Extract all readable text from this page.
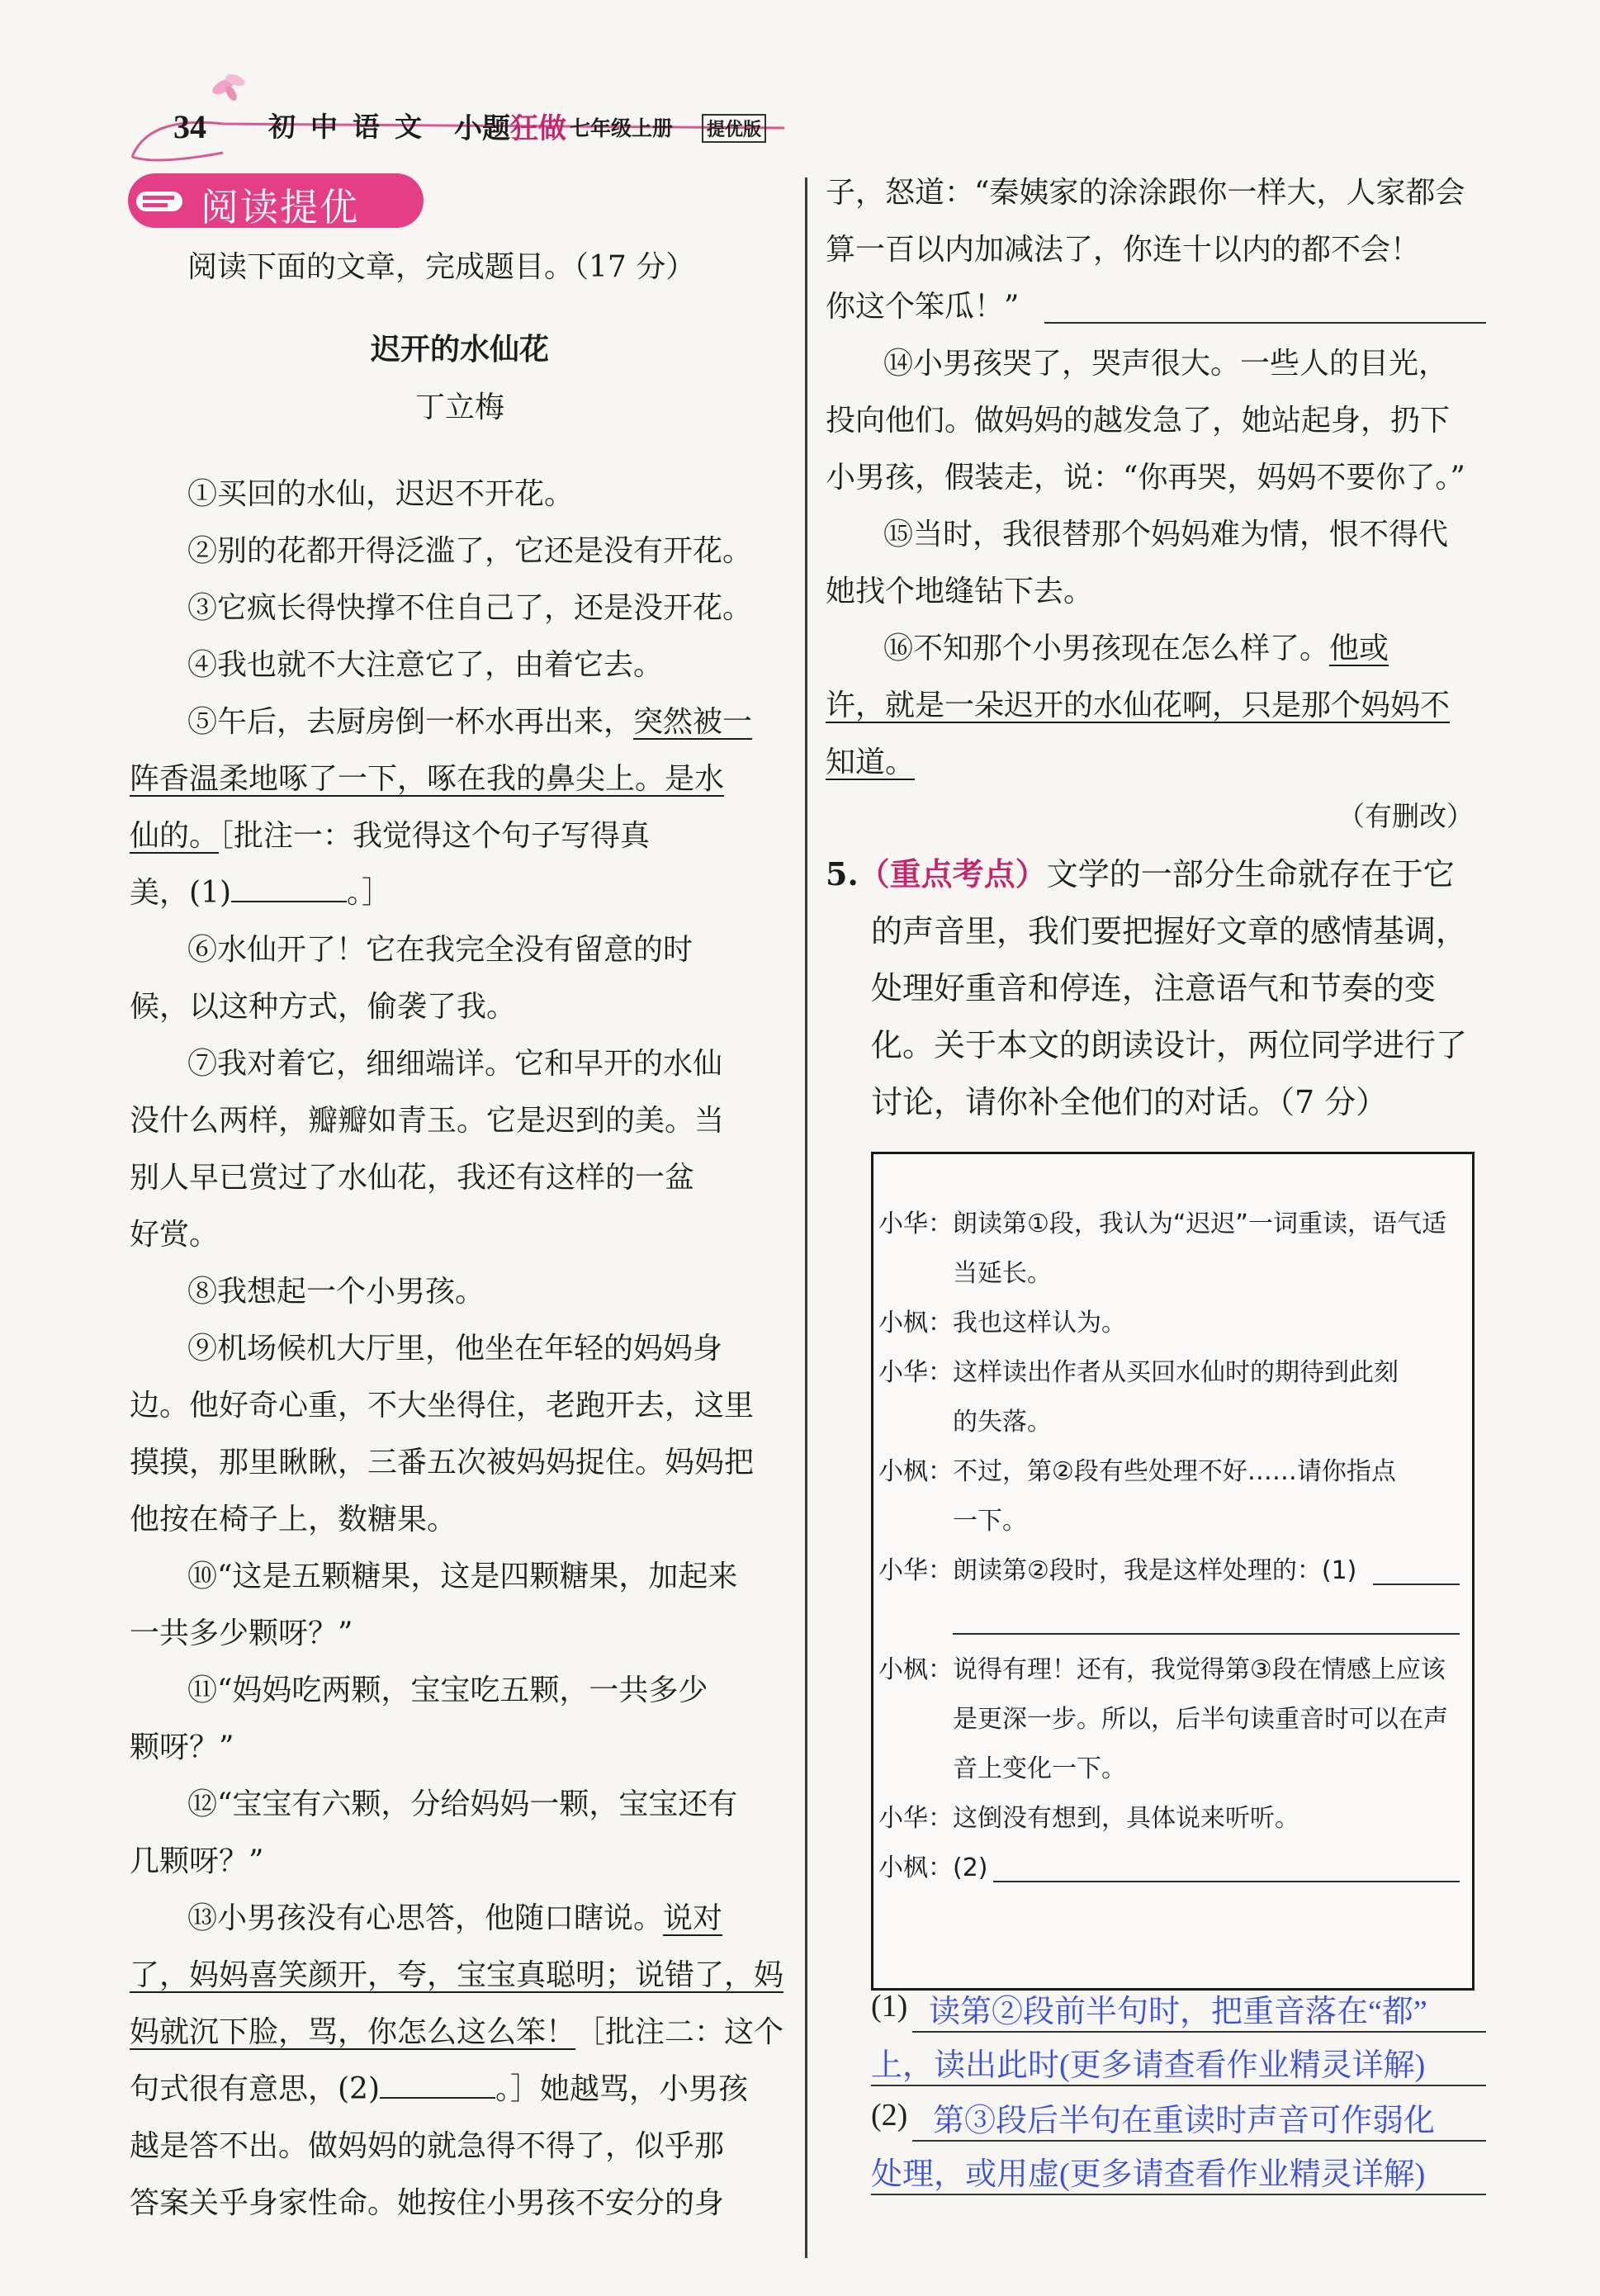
34 初中语文 小题狂做 七年级上册 提优版
阅读提优
阅读下面的文章，完成题目。（17 分）
迟开的水仙花
丁立梅
①买回的水仙，迟迟不开花。
②别的花都开得泛滥了，它还是没有开花。
③它疯长得快撑不住自己了，还是没开花。
④我也就不大注意它了，由着它去。
⑤午后，去厨房倒一杯水再出来，突然被一
阵香温柔地啄了一下，啄在我的鼻尖上。是水
仙的。［批注一：我觉得这个句子写得真
美，(1)	。］
⑥水仙开了！它在我完全没有留意的时
候，以这种方式，偷袭了我。
⑦我对着它，细细端详。它和早开的水仙
没什么两样，瓣瓣如青玉。它是迟到的美。当
别人早已赏过了水仙花，我还有这样的一盆
好赏。
⑧我想起一个小男孩。
⑨机场候机大厅里，他坐在年轻的妈妈身
边。他好奇心重，不大坐得住，老跑开去，这里
摸摸，那里瞅瞅，三番五次被妈妈捉住。妈妈把
他按在椅子上，数糖果。
⑩“这是五颗糖果，这是四颗糖果，加起来
一共多少颗呀？”
⑪“妈妈吃两颗，宝宝吃五颗，一共多少
颗呀？”
⑫“宝宝有六颗，分给妈妈一颗，宝宝还有
几颗呀？”
⑬小男孩没有心思答，他随口瞎说。说对
了，妈妈喜笑颜开，夸，宝宝真聪明；说错了，妈
妈就沉下脸，骂，你怎么这么笨！［批注二：这个
句式很有意思，(2)	。］她越骂，小男孩
越是答不出。做妈妈的就急得不得了，似乎那
答案关乎身家性命。她按住小男孩不安分的身
子，怒道：“秦姨家的涂涂跟你一样大，人家都会
算一百以内加减法了，你连十以内的都不会！
你这个笨瓜！”
⑭小男孩哭了，哭声很大。一些人的目光，
投向他们。做妈妈的越发急了，她站起身，扔下
小男孩，假装走，说：“你再哭，妈妈不要你了。”
⑮当时，我很替那个妈妈难为情，恨不得代
她找个地缝钻下去。
⑯不知那个小男孩现在怎么样了。他或
许，就是一朵迟开的水仙花啊，只是那个妈妈不
知道。
（有删改）
5.（重点考点）文学的一部分生命就存在于它
的声音里，我们要把握好文章的感情基调，
处理好重音和停连，注意语气和节奏的变
化。关于本文的朗读设计，两位同学进行了
讨论，请你补全他们的对话。（7 分）
小华：朗读第①段，我认为“迟迟”一词重读，语气适
当延长。
小枫：我也这样认为。
小华：这样读出作者从买回水仙时的期待到此刻
的失落。
小枫：不过，第②段有些处理不好……请你指点
一下。
小华：朗读第②段时，我是这样处理的：(1)
小枫：说得有理！还有，我觉得第③段在情感上应该
是更深一步。所以，后半句读重音时可以在声
音上变化一下。
小华：这倒没有想到，具体说来听听。
小枫：(2)
(1) 读第②段前半句时，把重音落在“都”
上，读出此时(更多请查看作业精灵详解)
(2) 第③段后半句在重读时声音可作弱化
处理，或用虚(更多请查看作业精灵详解)
